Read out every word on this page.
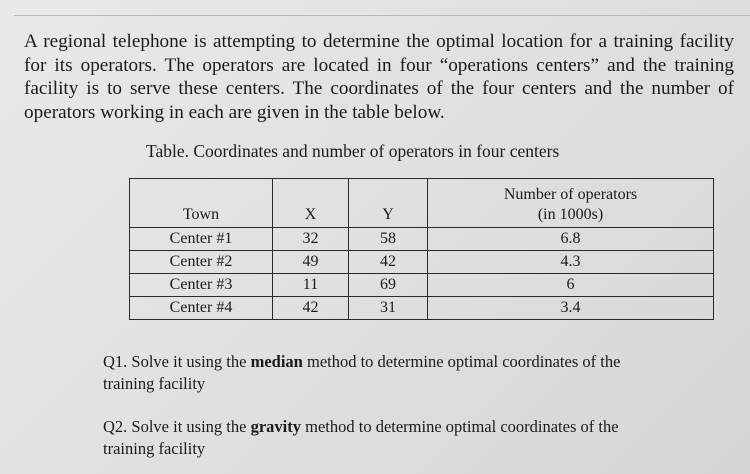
A regional telephone is attempting to determine the optimal location for a training facility
for its operators. The operators are located in four “operations centers” and the training
facility is to serve these centers. The coordinates of the four centers and the number of
operators working in each are given in the table below.
Table. Coordinates and number of operators in four centers
Town	X	Y	Number of operators
(in 1000s)

Center #1	32	58	6.8
Center #2	49	42	4.3
Center #3	11	69	6
Center #4	42	31	3.4
Q1. Solve it using the median method to determine optimal coordinates of the
training facility
Q2. Solve it using the gravity method to determine optimal coordinates of the
training facility
